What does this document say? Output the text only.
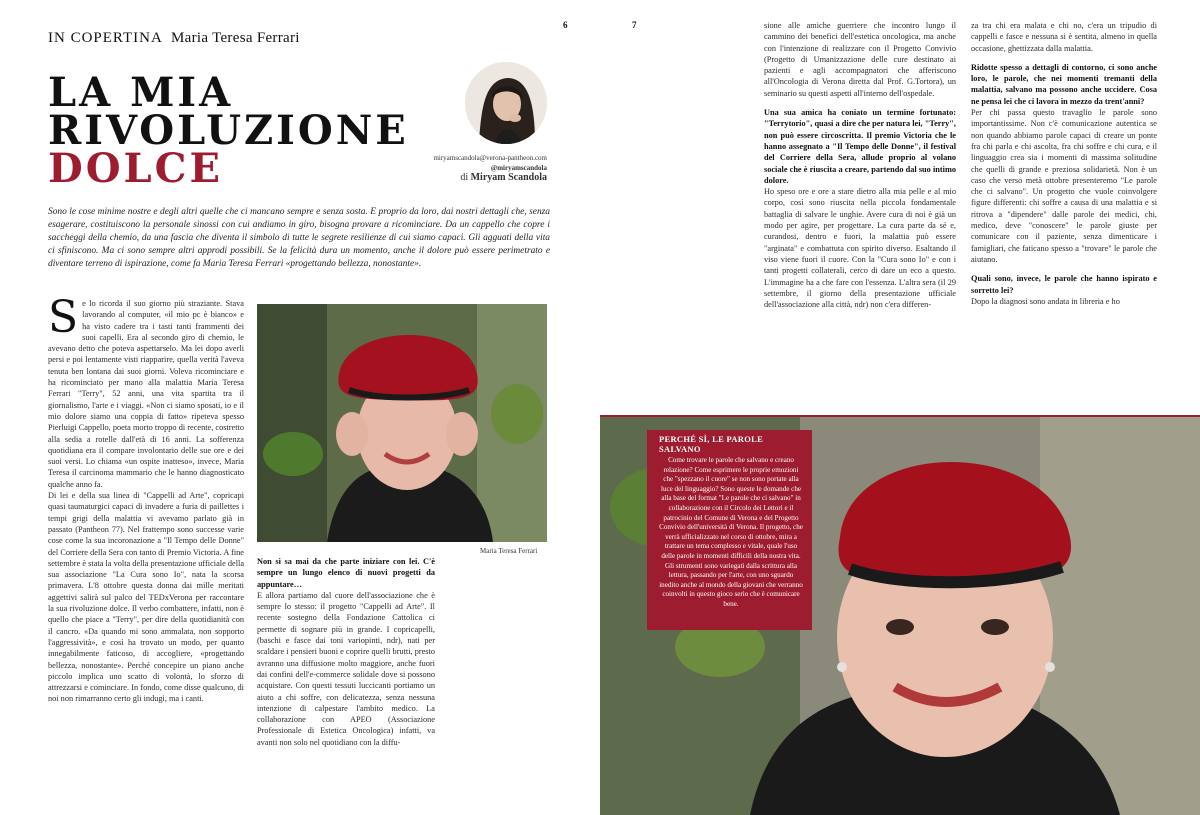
IN COPERTINA Maria Teresa Ferrari
6	7
LA MIA
RIVOLUZIONE
DOLCE	miryamscandola@verona-pantheon.com
@miryamscandola
di Miryam Scandola
Sono le cose minime nostre e degli altri quelle che ci mancano sempre e senza sosta. E proprio da loro, dai nostri dettagli che, senza esagerare, costituiscono la personale sinossi con cui andiamo in giro, bisogna provare a ricominciare. Da un cappello che copre i saccheggi della chemio, da una fascia che diventa il simbolo di tutte le segrete resilienze di cui siamo capaci. Gli agguati della vita ci sfiniscono. Ma ci sono sempre altri approdi possibili. Se la felicità dura un momento, anche il dolore può essere perimetrato e diventare terreno di ispirazione, come fa Maria Teresa Ferrari «progettando bellezza, nonostante».

Se lo ricorda il suo giorno più straziante. Stava lavorando al computer, «il mio pc è bianco» e ha visto cadere tra i tasti tanti frammenti dei suoi capelli. Era al secondo giro di chemio, le avevano detto che poteva aspettarselo. Ma lei dopo averli persi e poi lentamente visti riapparire, quella verità l'aveva tenuta ben lontana dai suoi giorni. Voleva ricominciare e ha ricominciato per mano alla malattia Maria Teresa Ferrari "Terry", 52 anni, una vita spartita tra il giornalismo, l'arte e i viaggi. «Non ci siamo sposati, io e il mio dolore siamo una coppia di fatto» ripeteva spesso Pierluigi Cappello, poeta morto troppo di recente, costretto alla sedia a rotelle dall'età di 16 anni. La sofferenza quotidiana era il compare involontario delle sue ore e dei suoi versi. Lo chiama «un ospite inatteso», invece, Maria Teresa il carcinoma mammario che le hanno diagnosticato qualche anno fa.

Di lei e della sua linea di "Cappelli ad Arte", copricapi quasi taumaturgici capaci di invadere a furia di paillettes i tempi grigi della malattia vi avevamo parlato già in passato (Pantheon 77). Nel frattempo sono successe varie cose come la sua incoronazione a "Il Tempo delle Donne" del Corriere della Sera con tanto di Premio Victoria. A fine settembre è stata la volta della presentazione ufficiale della sua associazione "La Cura sono Io", nata la scorsa primavera. L'8 ottobre questa donna dai mille meritati aggettivi salirà sul palco del TEDxVerona per raccontare la sua rivoluzione dolce. Il verbo combattere, infatti, non è quello che piace a "Terry", per dire della quotidianità con il cancro. «Da quando mi sono ammalata, non sopporto l'aggressività», e così ha trovato un modo, per quanto innegabilmente faticoso, di accogliere, «progettando bellezza, nonostante». Perché concepire un piano anche piccolo implica uno scatto di volontà, lo sforzo di attrezzarsi e cominciare. In fondo, come disse qualcuno, di noi non rimarranno certo gli indugi, ma i canti.

Maria Teresa Ferrari

Non si sa mai da che parte iniziare con lei. C'è sempre un lungo elenco di nuovi progetti da appuntare…

E allora partiamo dal cuore dell'associazione che è sempre lo stesso: il progetto "Cappelli ad Arte". Il recente sostegno della Fondazione Cattolica ci permette di sognare più in grande. I copricapelli, (baschi e fasce dai toni variopinti, ndr), nati per scaldare i pensieri buoni e coprire quelli brutti, presto avranno una diffusione molto maggiore, anche fuori dai confini dell'e-commerce solidale dove si possono acquistare. Con questi tessuti luccicanti portiamo un aiuto a chi soffre, con delicatezza, senza nessuna intenzione di calpestare l'ambito medico. La collaborazione con APEO (Associazione Professionale di Estetica Oncologica) infatti, va avanti non solo nel quotidiano con la diffu-

sione alle amiche guerriere che incontro lungo il cammino dei benefici dell'estetica oncologica, ma anche con l'intenzione di realizzare con il Progetto Convivio (Progetto di Umanizzazione delle cure destinato ai pazienti e agli accompagnatori che afferiscono all'Oncologia di Verona diretta dal Prof. G.Tortora), un seminario su questi aspetti all'interno dell'ospedale.

Una sua amica ha coniato un termine fortunato: "Terrytorio", quasi a dire che per natura lei, "Terry", non può essere circoscritta. Il premio Victoria che le hanno assegnato a "Il Tempo delle Donne", il festival del Corriere della Sera, allude proprio al volano sociale che è riuscita a creare, partendo dal suo intimo dolore.

Ho speso ore e ore a stare dietro alla mia pelle e al mio corpo, così sono riuscita nella piccola fondamentale battaglia di salvare le unghie. Avere cura di noi è già un modo per agire, per progettare. La cura parte da sé e, curandosi, dentro e fuori, la malattia può essere "arginata" e combattuta con spirito diverso. Esaltando il viso viene fuori il cuore. Con la "Cura sono Io" e con i tanti progetti collaterali, cerco di dare un eco a questo. L'immagine ha a che fare con l'essenza. L'altra sera (il 29 settembre, il giorno della presentazione ufficiale dell'associazione alla città, ndr) non c'era differen-

za tra chi era malata e chi no, c'era un tripudio di cappelli e fasce e nessuna si è sentita, almeno in quella occasione, ghettizzata dalla malattia.

Ridotte spesso a dettagli di contorno, ci sono anche loro, le parole, che nei momenti tremanti della malattia, salvano ma possono anche uccidere. Cosa ne pensa lei che ci lavora in mezzo da trent'anni?

Per chi passa questo travaglio le parole sono importantissime. Non c'è comunicazione autentica se non quando abbiamo parole capaci di creare un ponte fra chi parla e chi ascolta, fra chi soffre e chi cura, e il linguaggio crea sia i momenti di massima solitudine che quelli di grande e preziosa solidarietà. Non è un caso che verso metà ottobre presenteremo "Le parole che ci salvano". Un progetto che vuole coinvolgere figure differenti: chi soffre a causa di una malattia e si ritrova a "dipendere" dalle parole dei medici, chi, medico, deve "conoscere" le parole giuste per comunicare con il paziente, senza dimenticare i famigliari, che faticano spesso a "trovare" le parole che aiutano.

Quali sono, invece, le parole che hanno ispirato e sorretto lei?

Dopo la diagnosi sono andata in libreria e ho

PERCHÉ SÌ, LE PAROLE SALVANO

Come trovare le parole che salvano e creano relazione? Come esprimere le proprie emozioni che "spezzano il cuore" se non sono portate alla luce del linguaggio? Sono queste le domande che alla base del format "Le parole che ci salvano" in collaborazione con il Circolo dei Lettori e il patrocinio del Comune di Verona e del Progetto Convivio dell'università di Verona. Il progetto, che verrà ufficializzato nel corso di ottobre, mira a trattare un tema complesso e vitale, quale l'uso delle parole in momenti difficili della nostra vita. Gli strumenti sono variegati dalla scrittura alla lettura, passando per l'arte, con uno sguardo inedito anche al mondo della giovani che verranno coinvolti in questo gioco serio che è comunicare bene.
